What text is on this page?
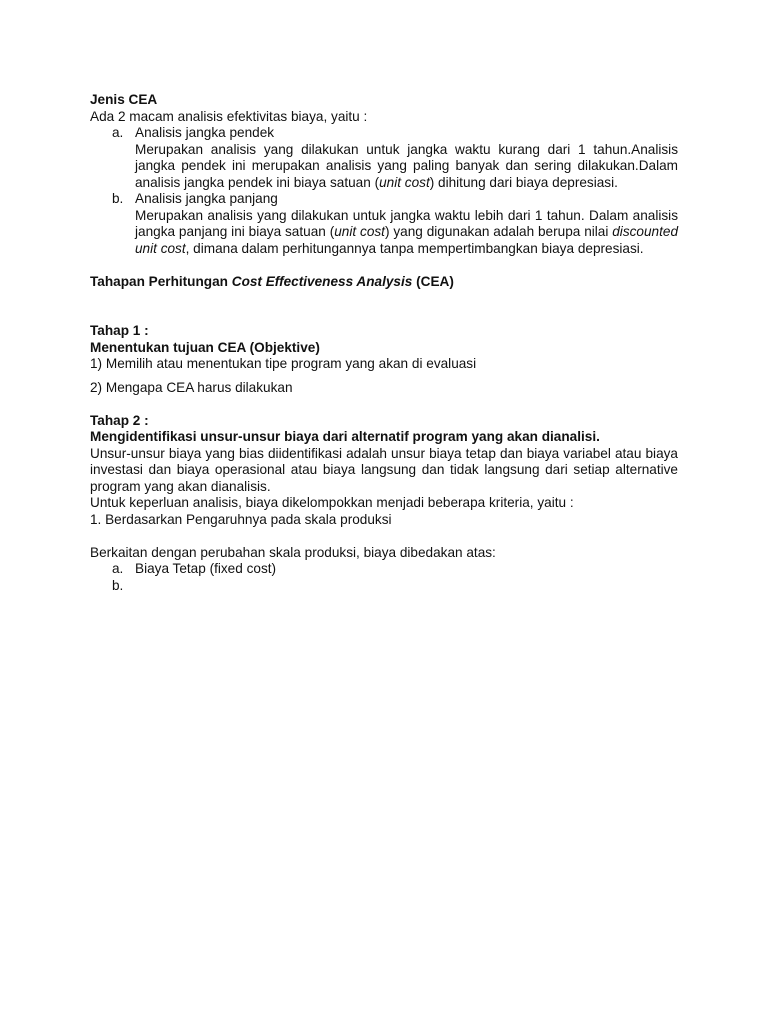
Jenis CEA

Ada 2 macam analisis efektivitas biaya, yaitu :

a. Analisis jangka pendek

Merupakan analisis yang dilakukan untuk jangka waktu kurang dari 1 tahun.Analisis jangka pendek ini merupakan analisis yang paling banyak dan sering dilakukan.Dalam analisis jangka pendek ini biaya satuan (unit cost) dihitung dari biaya depresiasi.

b. Analisis jangka panjang

Merupakan analisis yang dilakukan untuk jangka waktu lebih dari 1 tahun. Dalam analisis jangka panjang ini biaya satuan (unit cost) yang digunakan adalah berupa nilai discounted unit cost, dimana dalam perhitungannya tanpa mempertimbangkan biaya depresiasi.

Tahapan Perhitungan Cost Effectiveness Analysis (CEA)

Tahap 1 :

Menentukan tujuan CEA (Objektive)

1) Memilih atau menentukan tipe program yang akan di evaluasi

2) Mengapa CEA harus dilakukan

Tahap 2 :

Mengidentifikasi unsur-unsur biaya dari alternatif program yang akan dianalisi.

Unsur-unsur biaya yang bias diidentifikasi adalah unsur biaya tetap dan biaya variabel atau biaya investasi dan biaya operasional atau biaya langsung dan tidak langsung dari setiap alternative program yang akan dianalisis.

Untuk keperluan analisis, biaya dikelompokkan menjadi beberapa kriteria, yaitu :

1. Berdasarkan Pengaruhnya pada skala produksi

Berkaitan dengan perubahan skala produksi, biaya dibedakan atas:

a. Biaya Tetap (fixed cost)

b.
